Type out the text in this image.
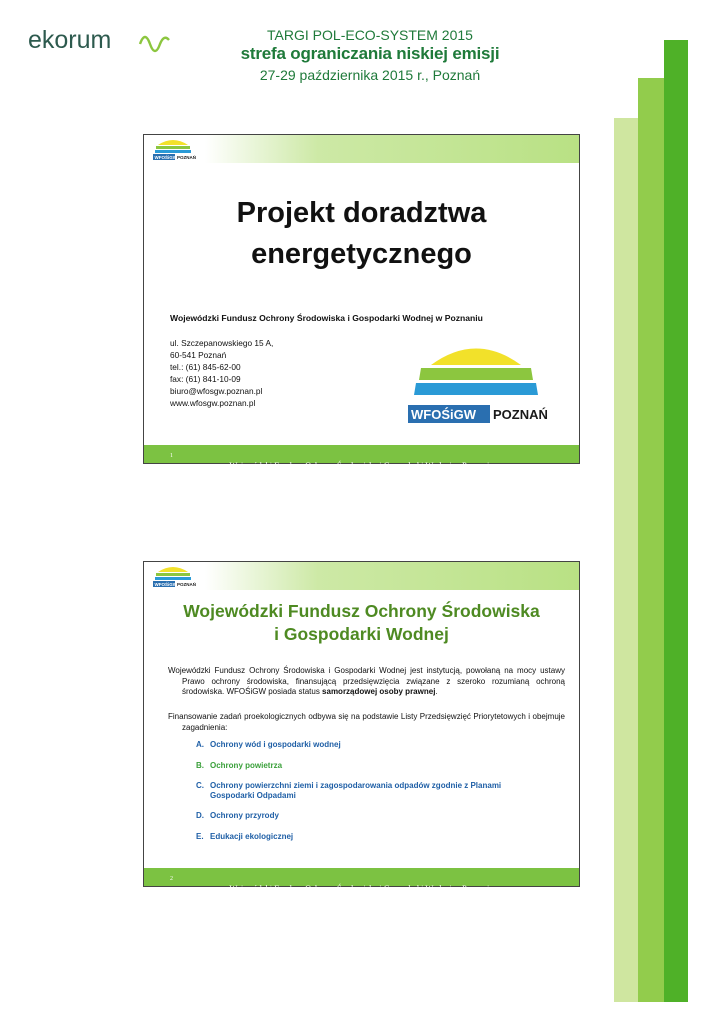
ekorum	TARGI POL-ECO-SYSTEM 2015
strefa ograniczania niskiej emisji
27-29 października 2015 r., Poznań
WFOŚiGW POZNAŃ
Projekt doradztwa
energetycznego
Wojewódzki Fundusz Ochrony Środowiska i Gospodarki Wodnej w Poznaniu
ul. Szczepanowskiego 15 A,
60-541 Poznań
tel.: (61) 845-62-00
fax: (61) 841-10-09
biuro@wfosgw.poznan.pl
www.wfosgw.poznan.pl
WFOŚiGW POZNAŃ
1
Wojewódzki Fundusz Ochrony Środowiska i Gospodarki Wodnej w Poznaniu
WFOŚiGW POZNAŃ
Wojewódzki Fundusz Ochrony Środowiska
i Gospodarki Wodnej
Wojewódzki Fundusz Ochrony Środowiska i Gospodarki Wodnej jest instytucją, powołaną na mocy ustawy Prawo ochrony środowiska, finansującą przedsięwzięcia związane z szeroko rozumianą ochroną środowiska. WFOŚiGW posiada status samorządowej osoby prawnej.
Finansowanie zadań proekologicznych odbywa się na podstawie Listy Przedsięwzięć Priorytetowych i obejmuje zagadnienia:
A. Ochrony wód i gospodarki wodnej
B. Ochrony powietrza
C. Ochrony powierzchni ziemi i zagospodarowania odpadów zgodnie z Planami Gospodarki Odpadami
D. Ochrony przyrody
E. Edukacji ekologicznej
2
Wojewódzki Fundusz Ochrony Środowiska i Gospodarki Wodnej w Poznaniu
